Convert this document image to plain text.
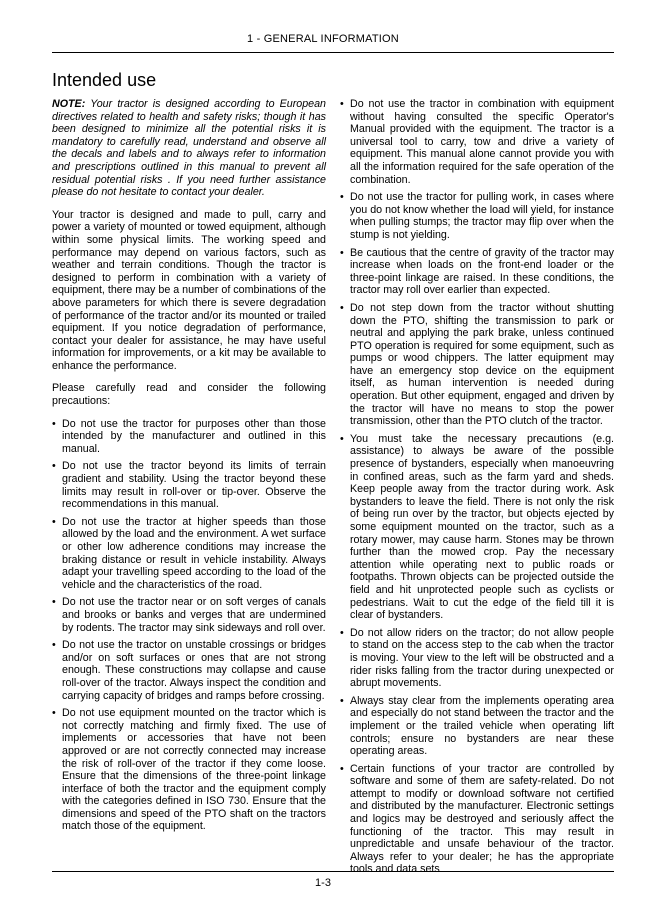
1 - GENERAL INFORMATION
Intended use

NOTE: Your tractor is designed according to European directives related to health and safety risks; though it has been designed to minimize all the potential risks it is mandatory to carefully read, understand and observe all the decals and labels and to always refer to information and prescriptions outlined in this manual to prevent all residual potential risks . If you need further assistance please do not hesitate to contact your dealer.

Your tractor is designed and made to pull, carry and power a variety of mounted or towed equipment, although within some physical limits. The working speed and performance may depend on various factors, such as weather and terrain conditions. Though the tractor is designed to perform in combination with a variety of equipment, there may be a number of combinations of the above parameters for which there is severe degradation of performance of the tractor and/or its mounted or trailed equipment. If you notice degradation of performance, contact your dealer for assistance, he may have useful information for improvements, or a kit may be available to enhance the performance.

Please carefully read and consider the following precautions:

• Do not use the tractor for purposes other than those intended by the manufacturer and outlined in this manual.
• Do not use the tractor beyond its limits of terrain gradient and stability. Using the tractor beyond these limits may result in roll-over or tip-over. Observe the recommendations in this manual.
• Do not use the tractor at higher speeds than those allowed by the load and the environment. A wet surface or other low adherence conditions may increase the braking distance or result in vehicle instability. Always adapt your travelling speed according to the load of the vehicle and the characteristics of the road.
• Do not use the tractor near or on soft verges of canals and brooks or banks and verges that are undermined by rodents. The tractor may sink sideways and roll over.
• Do not use the tractor on unstable crossings or bridges and/or on soft surfaces or ones that are not strong enough. These constructions may collapse and cause roll-over of the tractor. Always inspect the condition and carrying capacity of bridges and ramps before crossing.
• Do not use equipment mounted on the tractor which is not correctly matching and firmly fixed. The use of implements or accessories that have not been approved or are not correctly connected may increase the risk of roll-over of the tractor if they come loose. Ensure that the dimensions of the three-point linkage interface of both the tractor and the equipment comply with the categories defined in ISO 730. Ensure that the dimensions and speed of the PTO shaft on the tractors match those of the equipment.
• Do not use the tractor in combination with equipment without having consulted the specific Operator's Manual provided with the equipment. The tractor is a universal tool to carry, tow and drive a variety of equipment. This manual alone cannot provide you with all the information required for the safe operation of the combination.
• Do not use the tractor for pulling work, in cases where you do not know whether the load will yield, for instance when pulling stumps; the tractor may flip over when the stump is not yielding.
• Be cautious that the centre of gravity of the tractor may increase when loads on the front-end loader or the three-point linkage are raised. In these conditions, the tractor may roll over earlier than expected.
• Do not step down from the tractor without shutting down the PTO, shifting the transmission to park or neutral and applying the park brake, unless continued PTO operation is required for some equipment, such as pumps or wood chippers. The latter equipment may have an emergency stop device on the equipment itself, as human intervention is needed during operation. But other equipment, engaged and driven by the tractor will have no means to stop the power transmission, other than the PTO clutch of the tractor.
• You must take the necessary precautions (e.g. assistance) to always be aware of the possible presence of bystanders, especially when manoeuvring in confined areas, such as the farm yard and sheds. Keep people away from the tractor during work. Ask bystanders to leave the field. There is not only the risk of being run over by the tractor, but objects ejected by some equipment mounted on the tractor, such as a rotary mower, may cause harm. Stones may be thrown further than the mowed crop. Pay the necessary attention while operating next to public roads or footpaths. Thrown objects can be projected outside the field and hit unprotected people such as cyclists or pedestrians. Wait to cut the edge of the field till it is clear of bystanders.
• Do not allow riders on the tractor; do not allow people to stand on the access step to the cab when the tractor is moving. Your view to the left will be obstructed and a rider risks falling from the tractor during unexpected or abrupt movements.
• Always stay clear from the implements operating area and especially do not stand between the tractor and the implement or the trailed vehicle when operating lift controls; ensure no bystanders are near these operating areas.
• Certain functions of your tractor are controlled by software and some of them are safety-related. Do not attempt to modify or download software not certified and distributed by the manufacturer. Electronic settings and logics may be destroyed and seriously affect the functioning of the tractor. This may result in unpredictable and unsafe behaviour of the tractor. Always refer to your dealer; he has the appropriate tools and data sets
1-3
